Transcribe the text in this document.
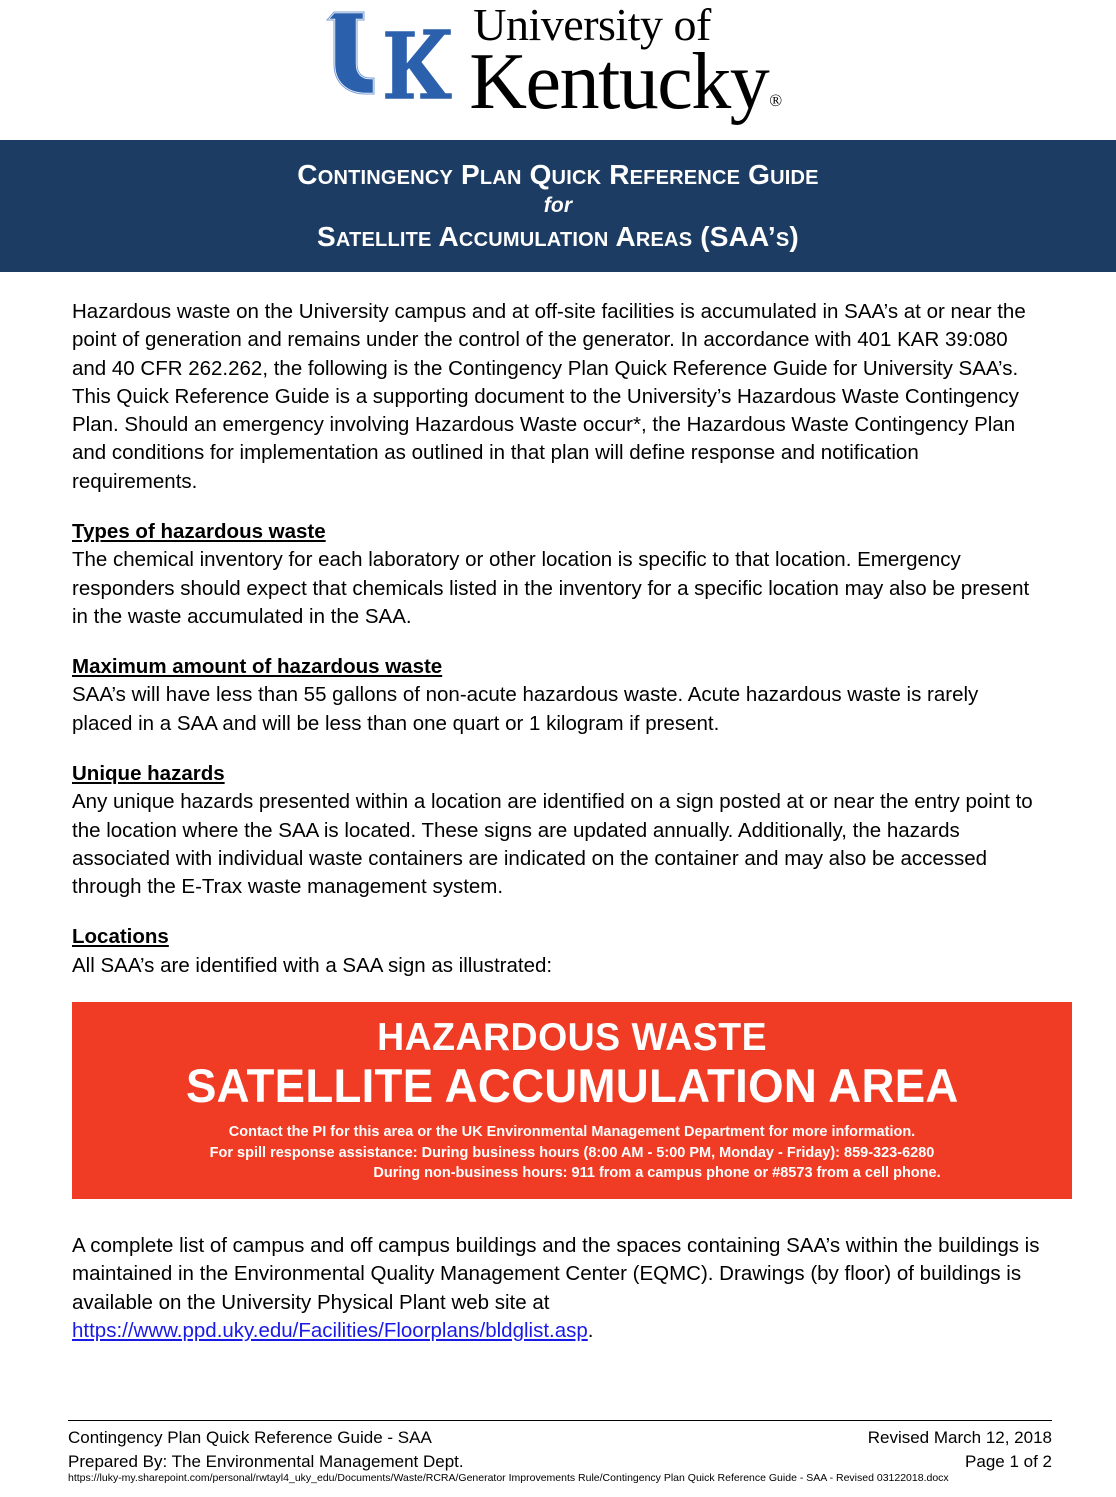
University of
Kentucky®
Contingency Plan Quick Reference Guide
for
Satellite Accumulation Areas (SAA’s)

Hazardous waste on the University campus and at off-site facilities is accumulated in SAA’s at or near the point of generation and remains under the control of the generator. In accordance with 401 KAR 39:080 and 40 CFR 262.262, the following is the Contingency Plan Quick Reference Guide for University SAA’s. This Quick Reference Guide is a supporting document to the University’s Hazardous Waste Contingency Plan. Should an emergency involving Hazardous Waste occur*, the Hazardous Waste Contingency Plan and conditions for implementation as outlined in that plan will define response and notification requirements.

Types of hazardous waste

The chemical inventory for each laboratory or other location is specific to that location. Emergency responders should expect that chemicals listed in the inventory for a specific location may also be present in the waste accumulated in the SAA.

Maximum amount of hazardous waste

SAA’s will have less than 55 gallons of non-acute hazardous waste. Acute hazardous waste is rarely placed in a SAA and will be less than one quart or 1 kilogram if present.

Unique hazards

Any unique hazards presented within a location are identified on a sign posted at or near the entry point to the location where the SAA is located. These signs are updated annually. Additionally, the hazards associated with individual waste containers are indicated on the container and may also be accessed through the E-Trax waste management system.

Locations

All SAA’s are identified with a SAA sign as illustrated:

HAZARDOUS WASTE
SATELLITE ACCUMULATION AREA
Contact the PI for this area or the UK Environmental Management Department for more information.
For spill response assistance: During business hours (8:00 AM - 5:00 PM, Monday - Friday): 859-323-6280
During non-business hours: 911 from a campus phone or #8573 from a cell phone.
A complete list of campus and off campus buildings and the spaces containing SAA’s within the buildings is maintained in the Environmental Quality Management Center (EQMC). Drawings (by floor) of buildings is available on the University Physical Plant web site at https://www.ppd.uky.edu/Facilities/Floorplans/bldglist.asp.
Contingency Plan Quick Reference Guide - SAA	Revised March 12, 2018
Prepared By: The Environmental Management Dept.	Page 1 of 2
https://luky-my.sharepoint.com/personal/rwtayl4_uky_edu/Documents/Waste/RCRA/Generator Improvements Rule/Contingency Plan Quick Reference Guide - SAA - Revised 03122018.docx
